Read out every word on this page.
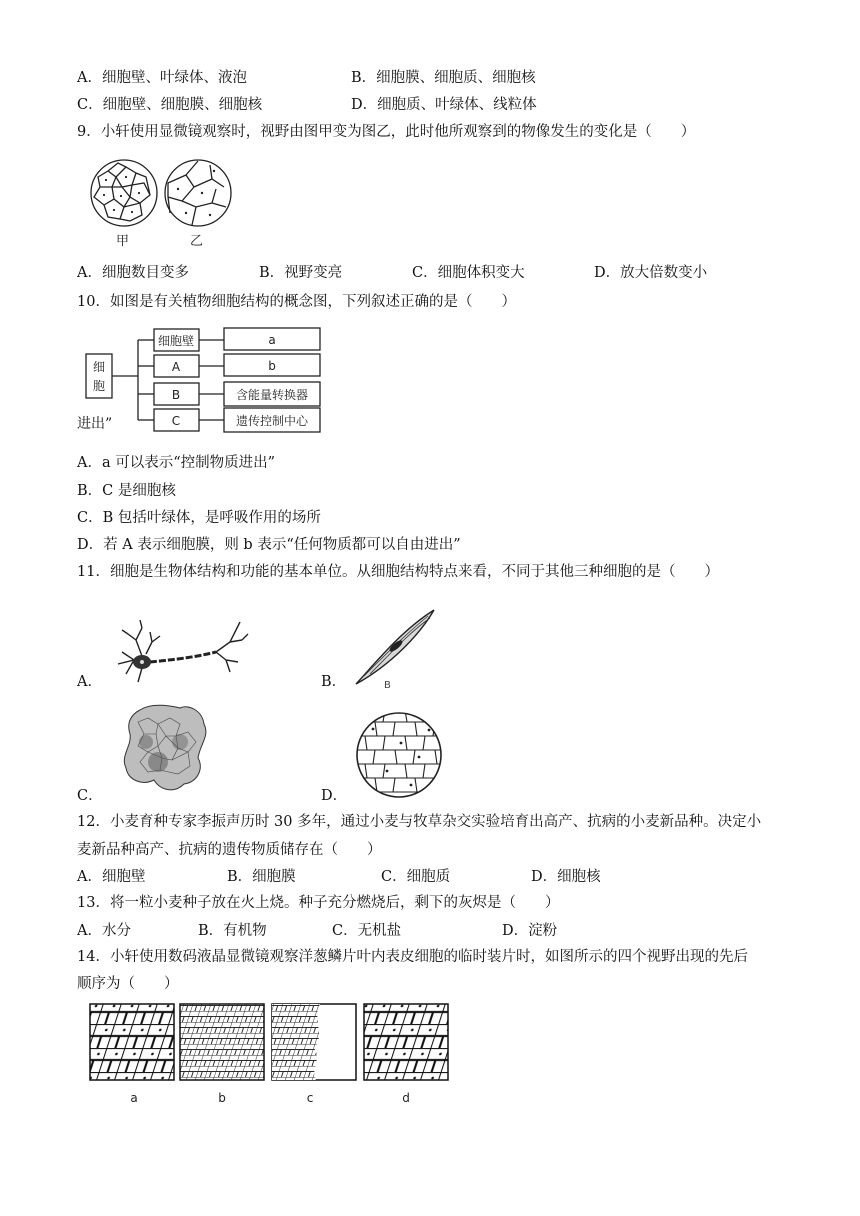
A．细胞壁、叶绿体、液泡	B．细胞膜、细胞质、细胞核
C．细胞壁、细胞膜、细胞核	D．细胞质、叶绿体、线粒体
9．小轩使用显微镜观察时，视野由图甲变为图乙，此时他所观察到的物像发生的变化是（　　）
甲	乙
A．细胞数目变多	B．视野变亮	C．细胞体积变大	D．放大倍数变小
10．如图是有关植物细胞结构的概念图，下列叙述正确的是（　　）
细
胞
细胞壁
A
B
C
a
b
含能量转换器
遗传控制中心
进出”
A．a 可以表示“控制物质进出”
B．C 是细胞核
C．B 包括叶绿体，是呼吸作用的场所
D．若 A 表示细胞膜，则 b 表示“任何物质都可以自由进出”
11．细胞是生物体结构和功能的基本单位。从细胞结构特点来看，不同于其他三种细胞的是（　　）
A．	B．	B
C．	D．
12．小麦育种专家李振声历时 30 多年，通过小麦与牧草杂交实验培育出高产、抗病的小麦新品种。决定小
麦新品种高产、抗病的遗传物质储存在（　　）
A．细胞壁	B．细胞膜	C．细胞质	D．细胞核
13．将一粒小麦种子放在火上烧。种子充分燃烧后，剩下的灰烬是（　　）
A．水分	B．有机物	C．无机盐	D．淀粉
14．小轩使用数码液晶显微镜观察洋葱鳞片叶内表皮细胞的临时装片时，如图所示的四个视野出现的先后
顺序为（　　）
a	b	c	d
